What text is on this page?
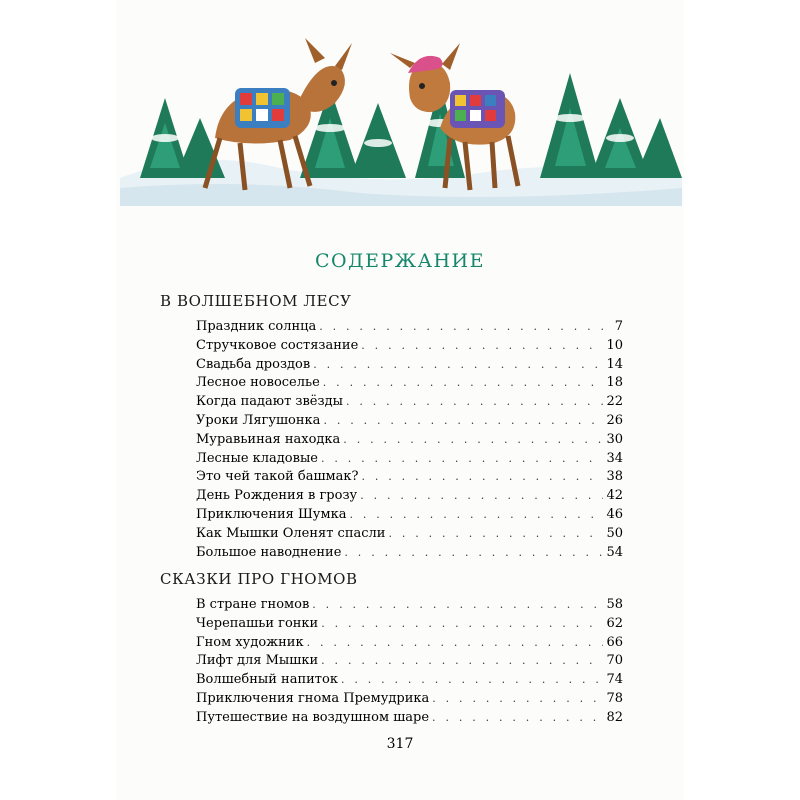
СОДЕРЖАНИЕ
В ВОЛШЕБНОМ ЛЕСУ
Праздник солнца . . .	7
Стручковое состязание . . .	10
Свадьба дроздов . . .	14
Лесное новоселье . . .	18
Когда падают звёзды . . .	22
Уроки Лягушонка . . .	26
Муравьиная находка . . .	30
Лесные кладовые . . .	34
Это чей такой башмак? . . .	38
День Рождения в грозу . . .	42
Приключения Шумка . . .	46
Как Мышки Оленят спасли . . .	50
Большое наводнение . . .	54
СКАЗКИ ПРО ГНОМОВ
В стране гномов . . .	58
Черепашьи гонки . . .	62
Гном художник . . .	66
Лифт для Мышки . . .	70
Волшебный напиток . . .	74
Приключения гнома Премудрика . . .	78
Путешествие на воздушном шаре . . .	82
317
